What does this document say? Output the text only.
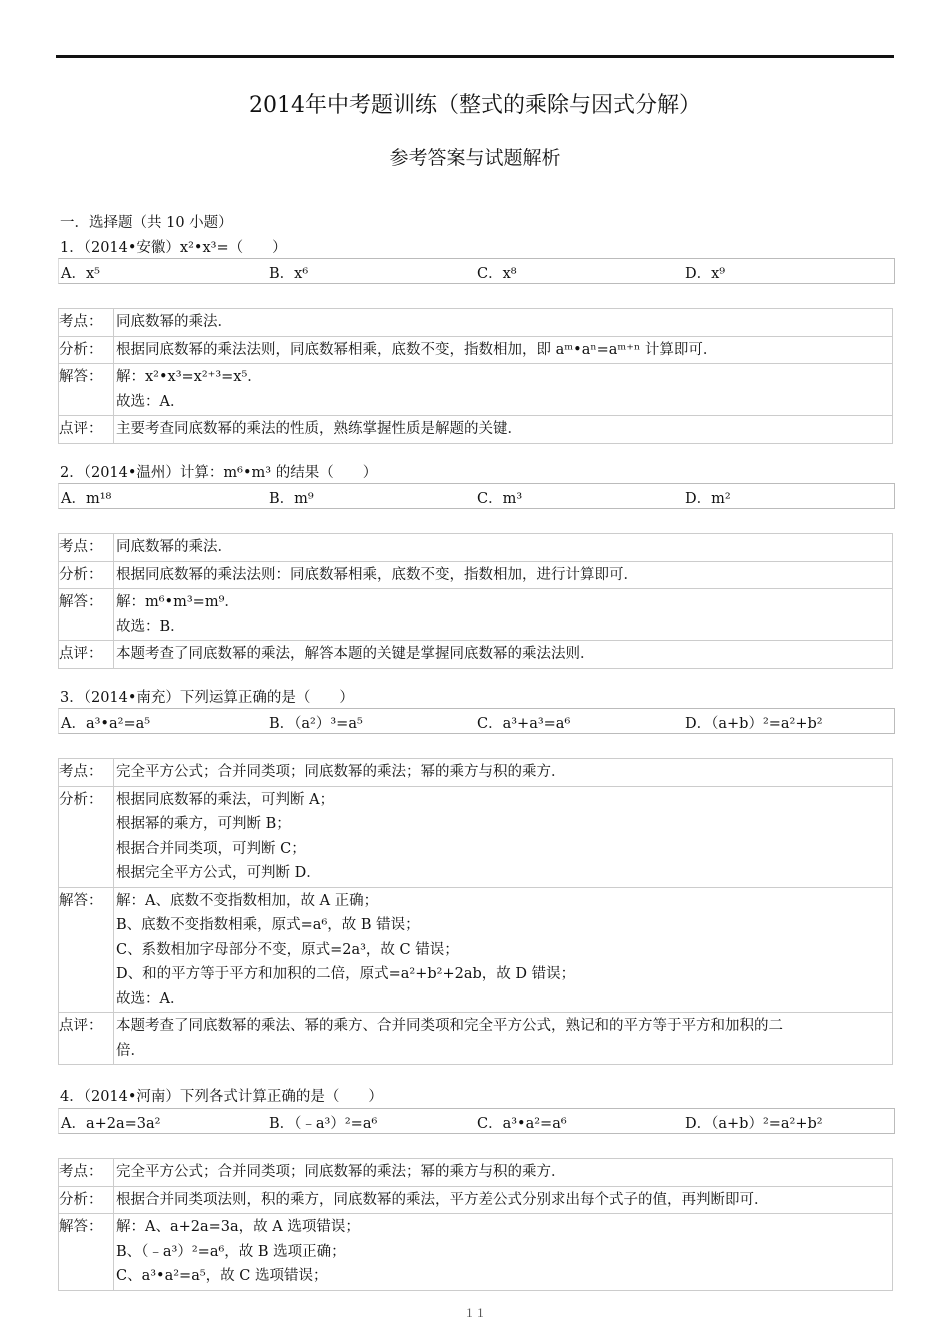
2014年中考题训练（整式的乘除与因式分解）
参考答案与试题解析
一．选择题（共 10 小题）
1．（2014•安徽）x²•x³=（　　）
A．x⁵	B．x⁶	C．x⁸	D．x⁹
考点：	同底数幂的乘法．
分析：	根据同底数幂的乘法法则，同底数幂相乘，底数不变，指数相加，即 aᵐ•aⁿ=aᵐ⁺ⁿ 计算即可．
解答：	解：x²•x³=x²⁺³=x⁵．
故选：A．

点评：	主要考查同底数幂的乘法的性质，熟练掌握性质是解题的关键．
2．（2014•温州）计算：m⁶•m³ 的结果（　　）
A．m¹⁸	B．m⁹	C．m³	D．m²
考点：	同底数幂的乘法．
分析：	根据同底数幂的乘法法则：同底数幂相乘，底数不变，指数相加，进行计算即可．
解答：	解：m⁶•m³=m⁹．
故选：B．

点评：	本题考查了同底数幂的乘法，解答本题的关键是掌握同底数幂的乘法法则．
3．（2014•南充）下列运算正确的是（　　）
A．a³•a²=a⁵	B．（a²）³=a⁵	C．a³+a³=a⁶	D．（a+b）²=a²+b²
考点：	完全平方公式；合并同类项；同底数幂的乘法；幂的乘方与积的乘方．
分析：	根据同底数幂的乘法，可判断 A；
根据幂的乘方，可判断 B；
根据合并同类项，可判断 C；
根据完全平方公式，可判断 D．

解答：	解：A、底数不变指数相加，故 A 正确；
B、底数不变指数相乘，原式=a⁶，故 B 错误；
C、系数相加字母部分不变，原式=2a³，故 C 错误；
D、和的平方等于平方和加积的二倍，原式=a²+b²+2ab，故 D 错误；
故选：A．

点评：	本题考查了同底数幂的乘法、幂的乘方、合并同类项和完全平方公式，熟记和的平方等于平方和加积的二
倍．
4．（2014•河南）下列各式计算正确的是（　　）
A．a+2a=3a²	B．（﹣a³）²=a⁶	C．a³•a²=a⁶	D．（a+b）²=a²+b²
考点：	完全平方公式；合并同类项；同底数幂的乘法；幂的乘方与积的乘方．
分析：	根据合并同类项法则，积的乘方，同底数幂的乘法，平方差公式分别求出每个式子的值，再判断即可．
解答：	解：A、a+2a=3a，故 A 选项错误；
B、（﹣a³）²=a⁶，故 B 选项正确；
C、a³•a²=a⁵，故 C 选项错误；
１１
